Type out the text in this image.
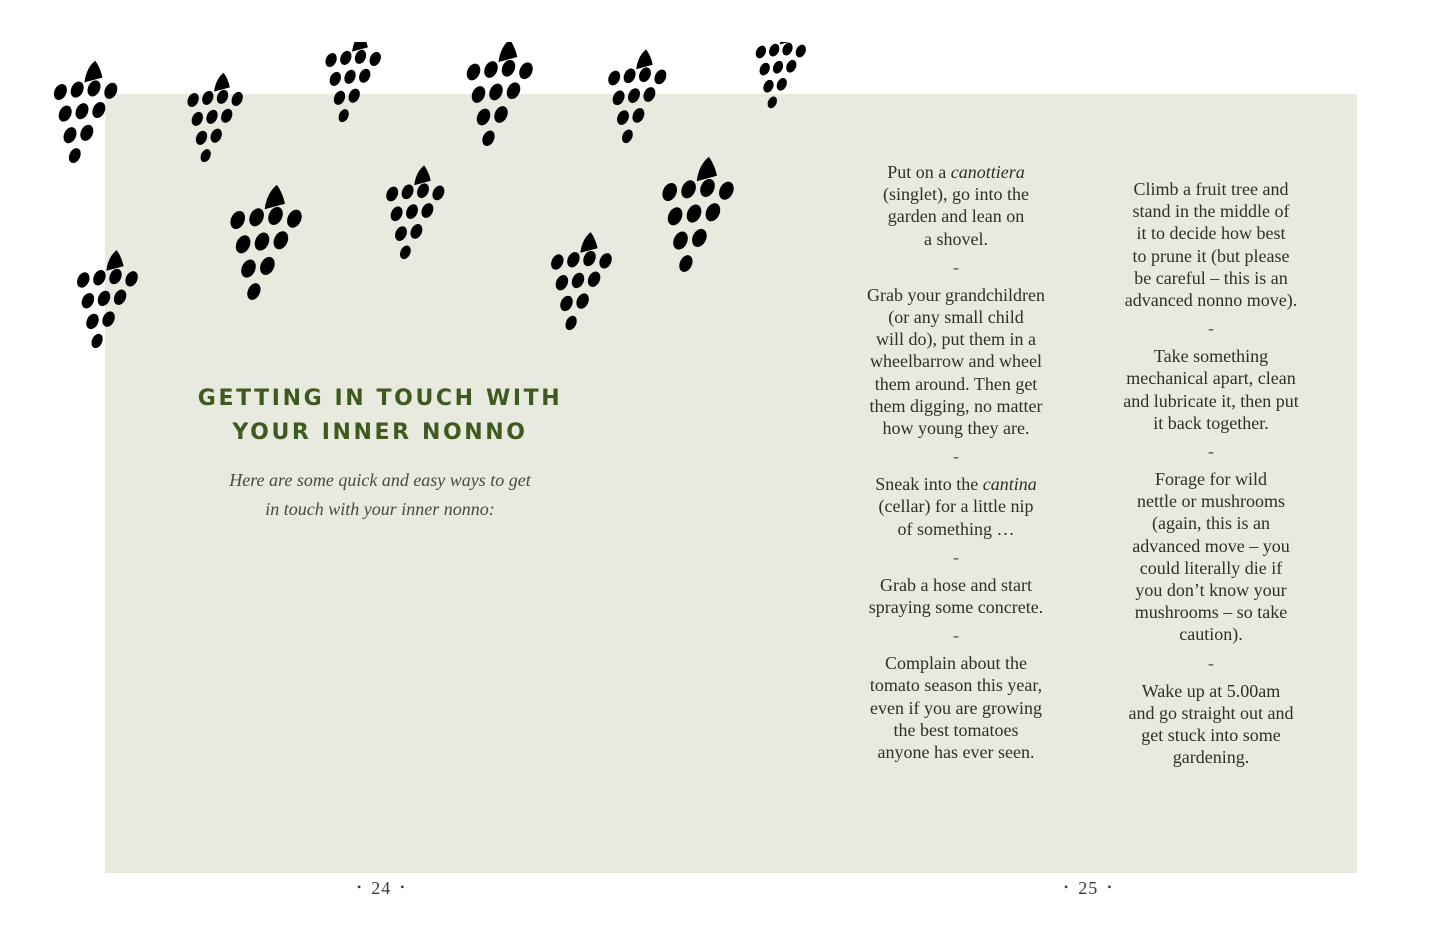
GETTING IN TOUCH WITH
YOUR INNER NONNO
Here are some quick and easy ways to get
in touch with your inner nonno:
Put on a canottiera
(singlet), go into the
garden and lean on
a shovel.
-
Grab your grandchildren
(or any small child
will do), put them in a
wheelbarrow and wheel
them around. Then get
them digging, no matter
how young they are.
-
Sneak into the cantina
(cellar) for a little nip
of something …
-
Grab a hose and start
spraying some concrete.
-
Complain about the
tomato season this year,
even if you are growing
the best tomatoes
anyone has ever seen.
Climb a fruit tree and
stand in the middle of
it to decide how best
to prune it (but please
be careful – this is an
advanced nonno move).
-
Take something
mechanical apart, clean
and lubricate it, then put
it back together.
-
Forage for wild
nettle or mushrooms
(again, this is an
advanced move – you
could literally die if
you don’t know your
mushrooms – so take
caution).
-
Wake up at 5.00am
and go straight out and
get stuck into some
gardening.
• 24 •	• 25 •
